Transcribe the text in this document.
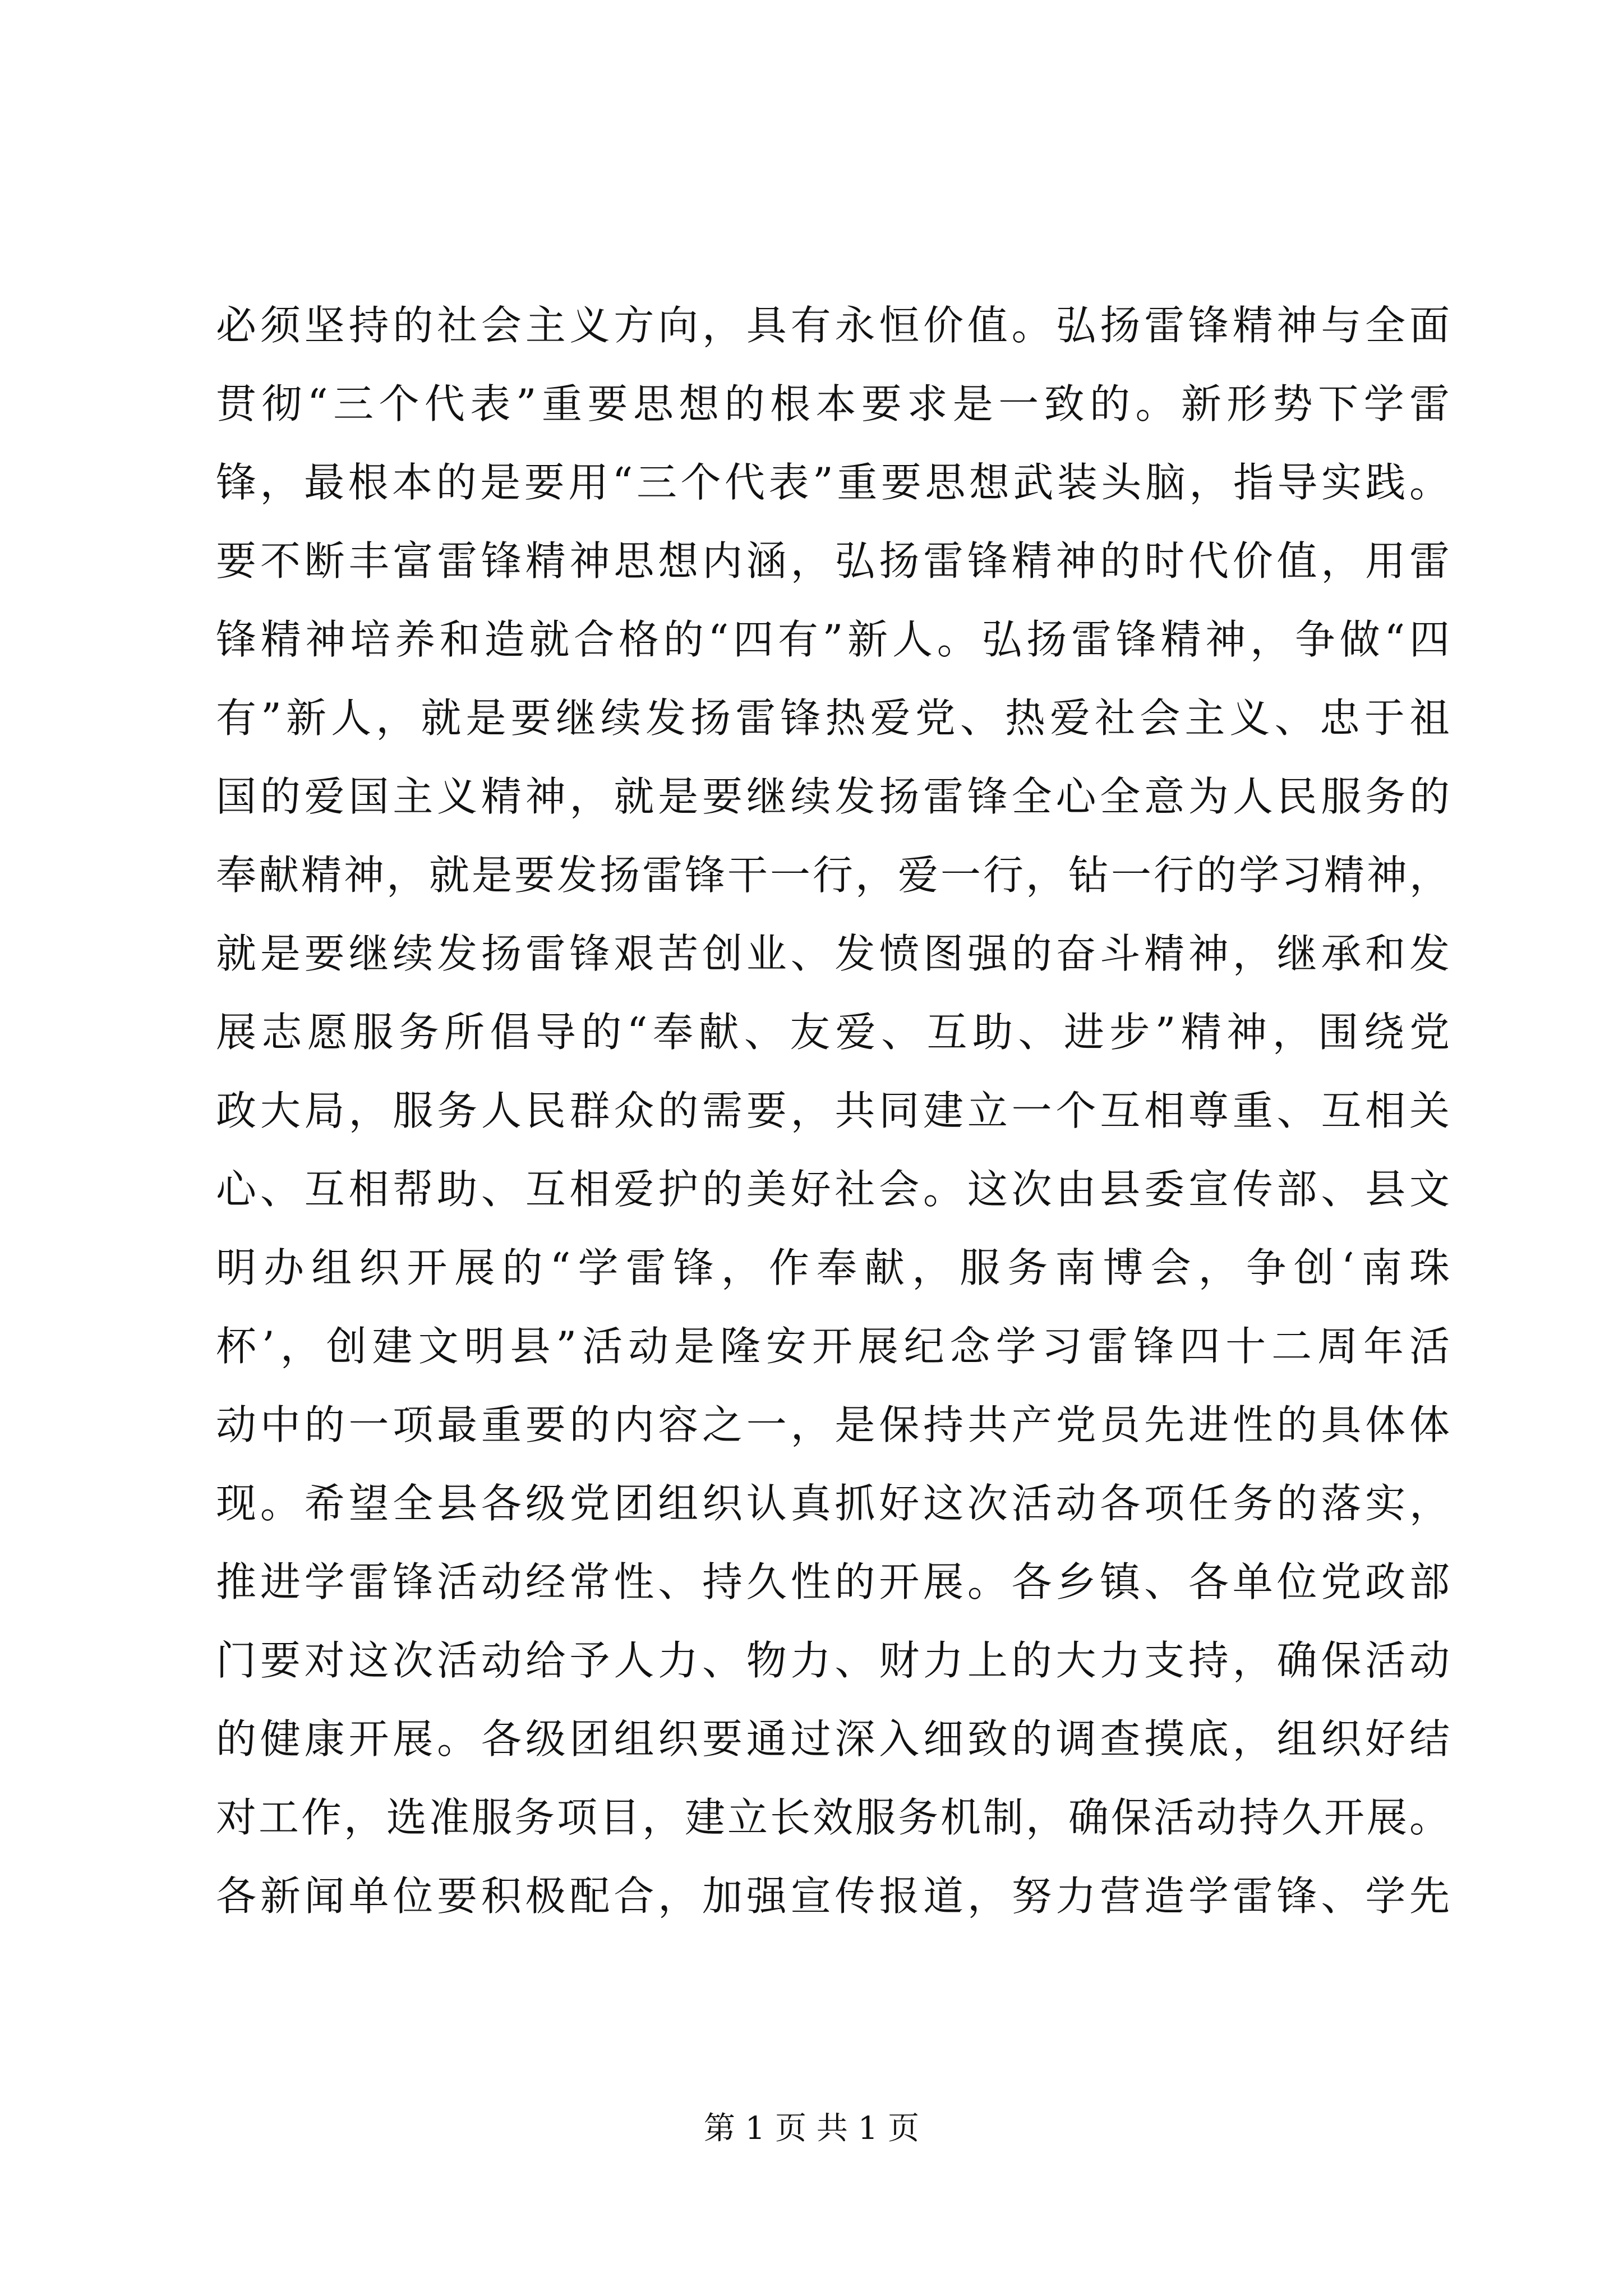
必须坚持的社会主义方向，具有永恒价值。弘扬雷锋精神与全面
贯彻“三个代表”重要思想的根本要求是一致的。新形势下学雷
锋，最根本的是要用“三个代表”重要思想武装头脑，指导实践。
要不断丰富雷锋精神思想内涵，弘扬雷锋精神的时代价值，用雷
锋精神培养和造就合格的“四有”新人。弘扬雷锋精神，争做“四
有”新人，就是要继续发扬雷锋热爱党、热爱社会主义、忠于祖
国的爱国主义精神，就是要继续发扬雷锋全心全意为人民服务的
奉献精神，就是要发扬雷锋干一行，爱一行，钻一行的学习精神，
就是要继续发扬雷锋艰苦创业、发愤图强的奋斗精神，继承和发
展志愿服务所倡导的“奉献、友爱、互助、进步”精神，围绕党
政大局，服务人民群众的需要，共同建立一个互相尊重、互相关
心、互相帮助、互相爱护的美好社会。这次由县委宣传部、县文
明办组织开展的“学雷锋，作奉献，服务南博会，争创‘南珠
杯’，创建文明县”活动是隆安开展纪念学习雷锋四十二周年活
动中的一项最重要的内容之一，是保持共产党员先进性的具体体
现。希望全县各级党团组织认真抓好这次活动各项任务的落实，
推进学雷锋活动经常性、持久性的开展。各乡镇、各单位党政部
门要对这次活动给予人力、物力、财力上的大力支持，确保活动
的健康开展。各级团组织要通过深入细致的调查摸底，组织好结
对工作，选准服务项目，建立长效服务机制，确保活动持久开展。
各新闻单位要积极配合，加强宣传报道，努力营造学雷锋、学先
第 1 页 共 1 页
